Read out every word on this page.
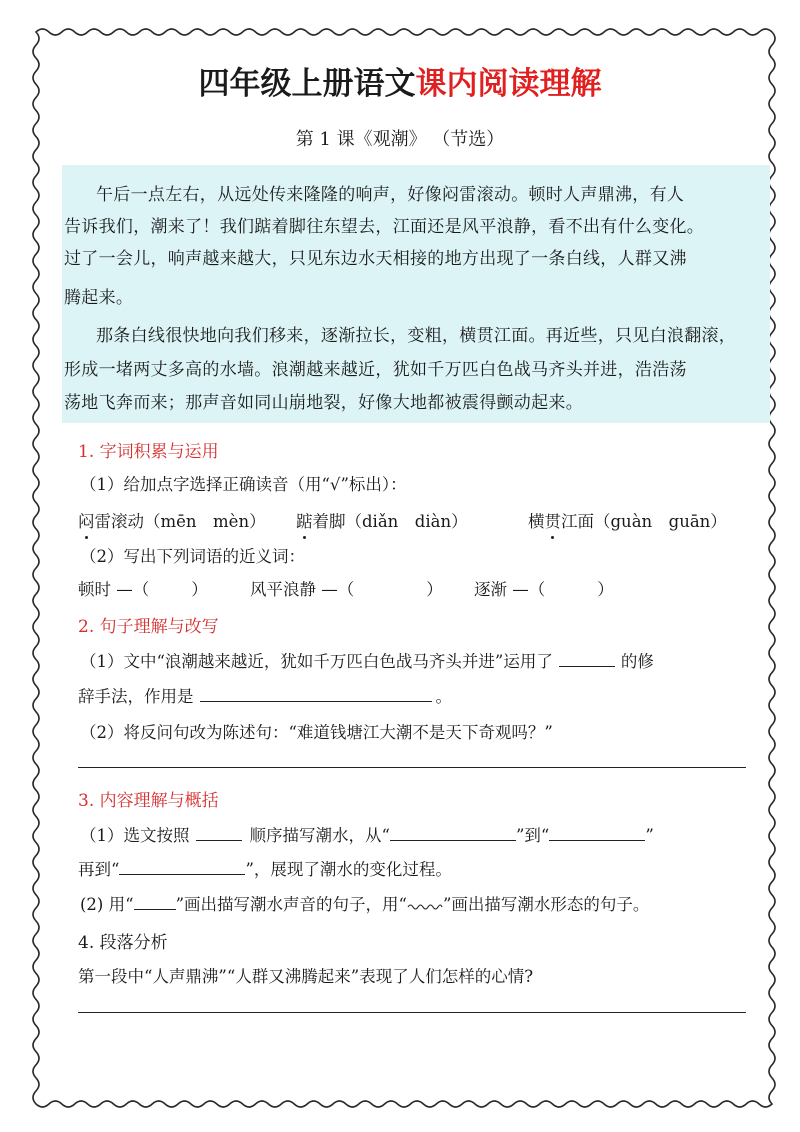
四年级上册语文课内阅读理解
第 1 课《观潮》 （节选）
午后一点左右，从远处传来隆隆的响声，好像闷雷滚动。顿时人声鼎沸，有人
告诉我们，潮来了！我们踮着脚往东望去，江面还是风平浪静，看不出有什么变化。
过了一会儿，响声越来越大，只见东边水天相接的地方出现了一条白线，人群又沸
腾起来。
那条白线很快地向我们移来，逐渐拉长，变粗，横贯江面。再近些，只见白浪翻滚，
形成一堵两丈多高的水墙。浪潮越来越近，犹如千万匹白色战马齐头并进，浩浩荡
荡地飞奔而来；那声音如同山崩地裂，好像大地都被震得颤动起来。
1. 字词积累与运用
（1）给加点字选择正确读音（用“√”标出）：
闷雷滚动（mēn　mèn） 踮着脚（diǎn　diàn）	横贯江面（guàn　guān）
（2）写出下列词语的近义词：
顿时 —（	）	风平浪静 —（	） 逐渐 —（	）
2. 句子理解与改写
（1）文中“浪潮越来越近，犹如千万匹白色战马齐头并进”运用了	的修
辞手法，作用是	。
（2）将反问句改为陈述句：“难道钱塘江大潮不是天下奇观吗？”
3. 内容理解与概括
（1）选文按照	顺序描写潮水，从“	”到“	”
再到“	”，展现了潮水的变化过程。
(2) 用“	”画出描写潮水声音的句子，用“ ”画出描写潮水形态的句子。
4. 段落分析
第一段中“人声鼎沸”“人群又沸腾起来”表现了人们怎样的心情?
